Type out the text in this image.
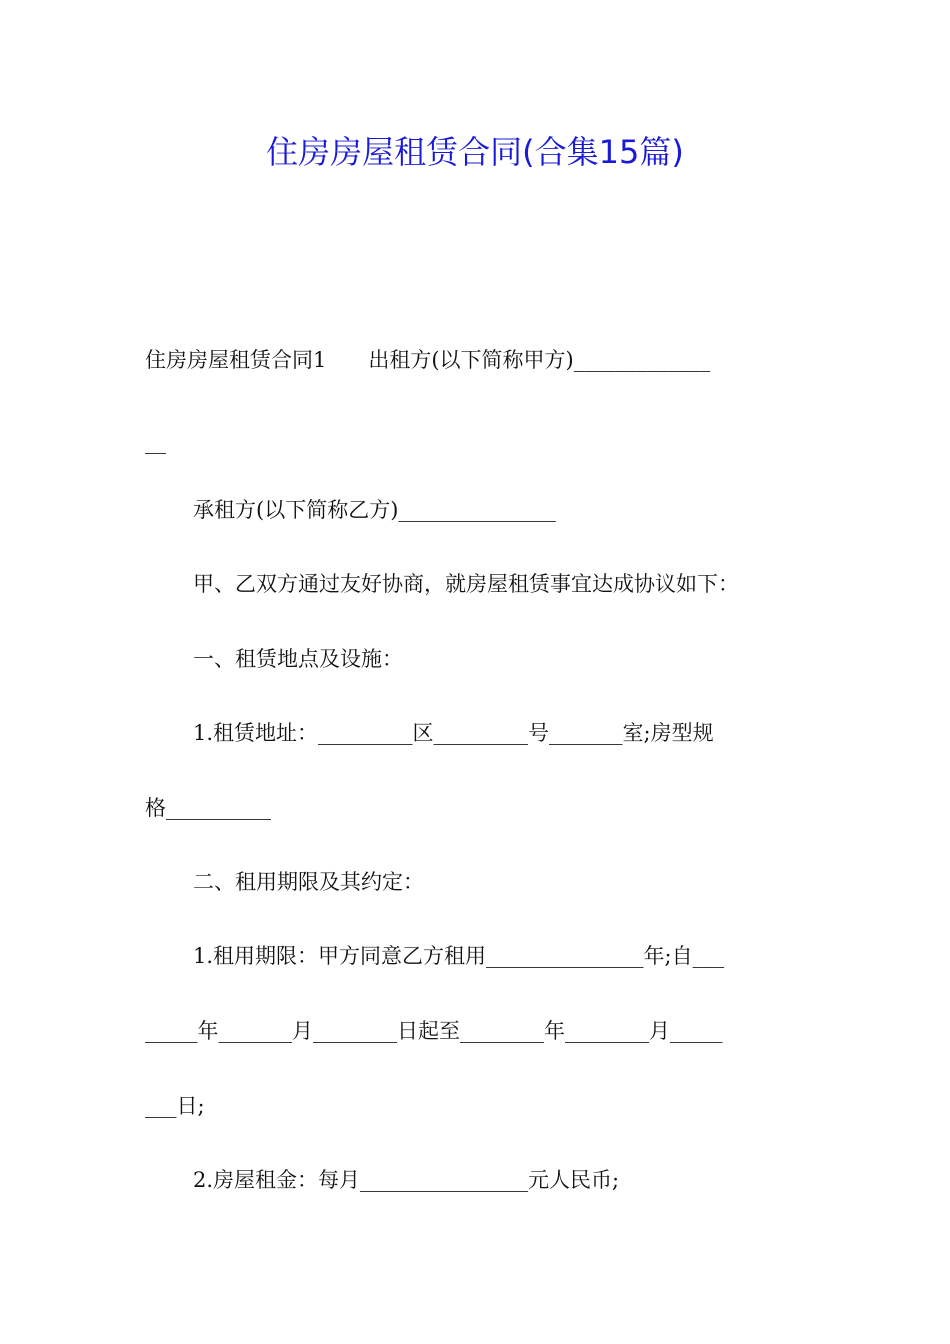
住房房屋租赁合同(合集15篇)
住房房屋租赁合同1　　出租方(以下简称甲方)_____________
__
承租方(以下简称乙方)_______________
甲、乙双方通过友好协商，就房屋租赁事宜达成协议如下：
一、租赁地点及设施：
1.租赁地址：_________区_________号_______室;房型规
格__________
二、租用期限及其约定：
1.租用期限：甲方同意乙方租用_______________年;自___
_____年_______月________日起至________年________月_____
___日;
2.房屋租金：每月________________元人民币;
